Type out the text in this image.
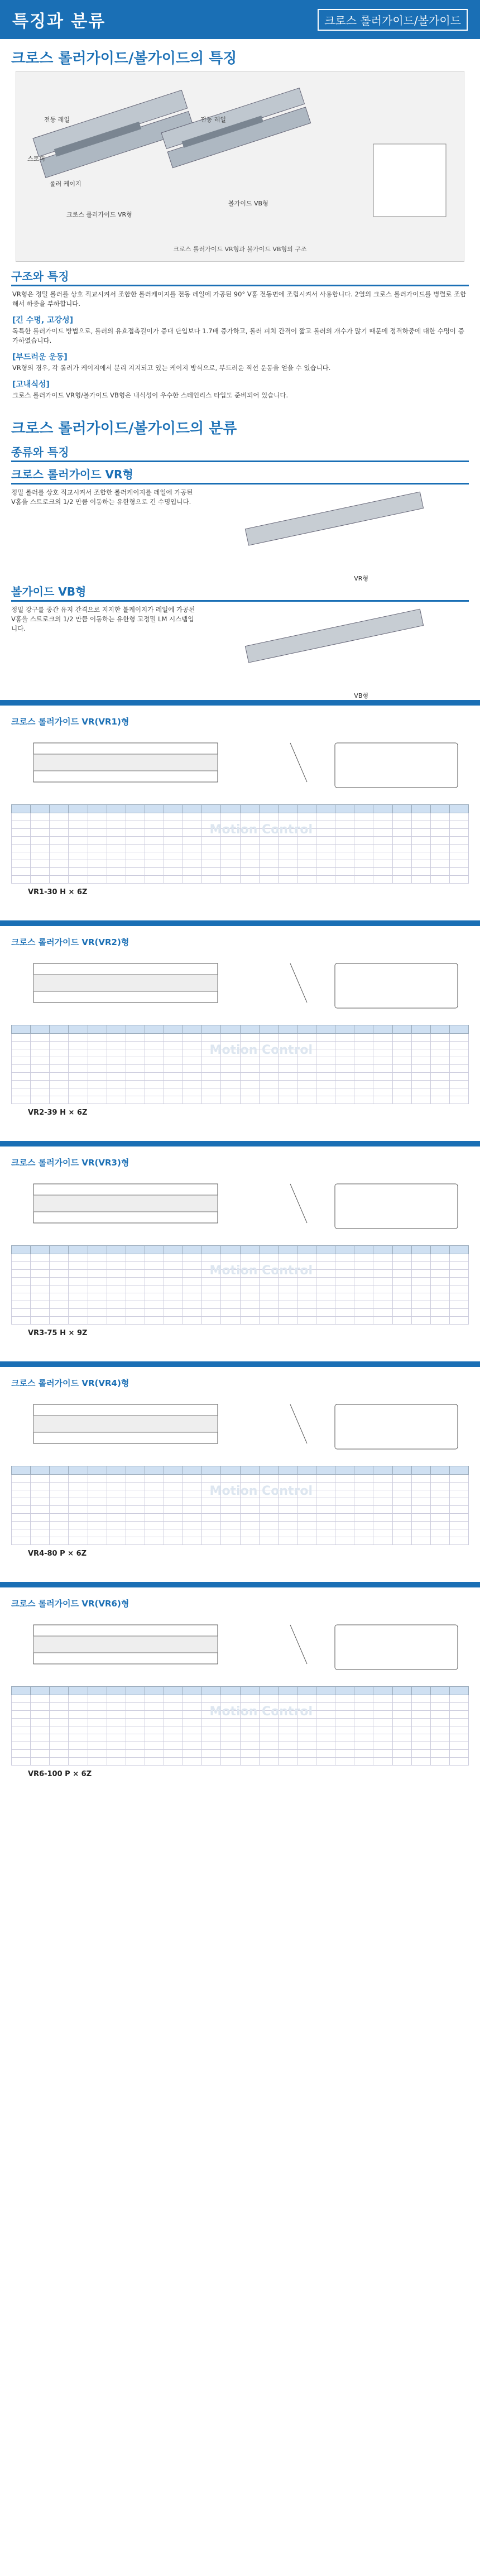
특징과 분류	크로스 롤러가이드/볼가이드
크로스 롤러가이드/볼가이드의 특징
전동 레일
스토퍼
롤러 케이지
전동 레일
크로스 롤러가이드 VR형
볼가이드 VB형
크로스 롤러가이드 VR형과 볼가이드 VB형의 구조
구조와 특징
VR형은 정밀 롤러를 상호 직교시켜서 조합한 롤러케이지를 전동 레일에 가공된 90° V홈 전동면에 조립시켜서 사용합니다. 2열의 크로스 롤러가이드를 병렬로 조합해서 하중을 부하합니다.
[긴 수명, 고강성]
독특한 롤러가이드 방법으로, 롤러의 유효접촉길이가 증대 단입보다 1.7배 증가하고, 롤러 피치 간격이 짧고 롤러의 개수가 많기 때문에 정격하중에 대한 수명이 증가하였습니다.
[부드러운 운동]
VR형의 경우, 각 롤러가 케이지에서 분리 지지되고 있는 케이지 방식으로, 부드러운 직선 운동을 얻을 수 있습니다.
[고내식성]
크로스 롤러가이드 VR형/볼가이드 VB형은 내식성이 우수한 스테인리스 타입도 준비되어 있습니다.
크로스 롤러가이드/볼가이드의 분류
종류와 특징
크로스 롤러가이드 VR형
정밀 롤러를 상호 직교시켜서 조합한 롤러케이지를 레일에 가공된 V홈을 스트로크의 1/2 만큼 이동하는 유한형으로 긴 수명입니다.
VR형
볼가이드 VB형
정밀 강구를 중간 유지 간격으로 지지한 볼케이지가 레일에 가공된 V홈을 스트로크의 1/2 만큼 이동하는 유한형 고정밀 LM 시스템입니다.
VB형
크로스 롤러가이드 VR(VR1)형

VR1-30 H × 6Z
Motion Control
크로스 롤러가이드 VR(VR2)형

VR2-39 H × 6Z
Motion Control
크로스 롤러가이드 VR(VR3)형

VR3-75 H × 9Z
Motion Control
크로스 롤러가이드 VR(VR4)형

VR4-80 P × 6Z
Motion Control
크로스 롤러가이드 VR(VR6)형

VR6-100 P × 6Z
Motion Control
